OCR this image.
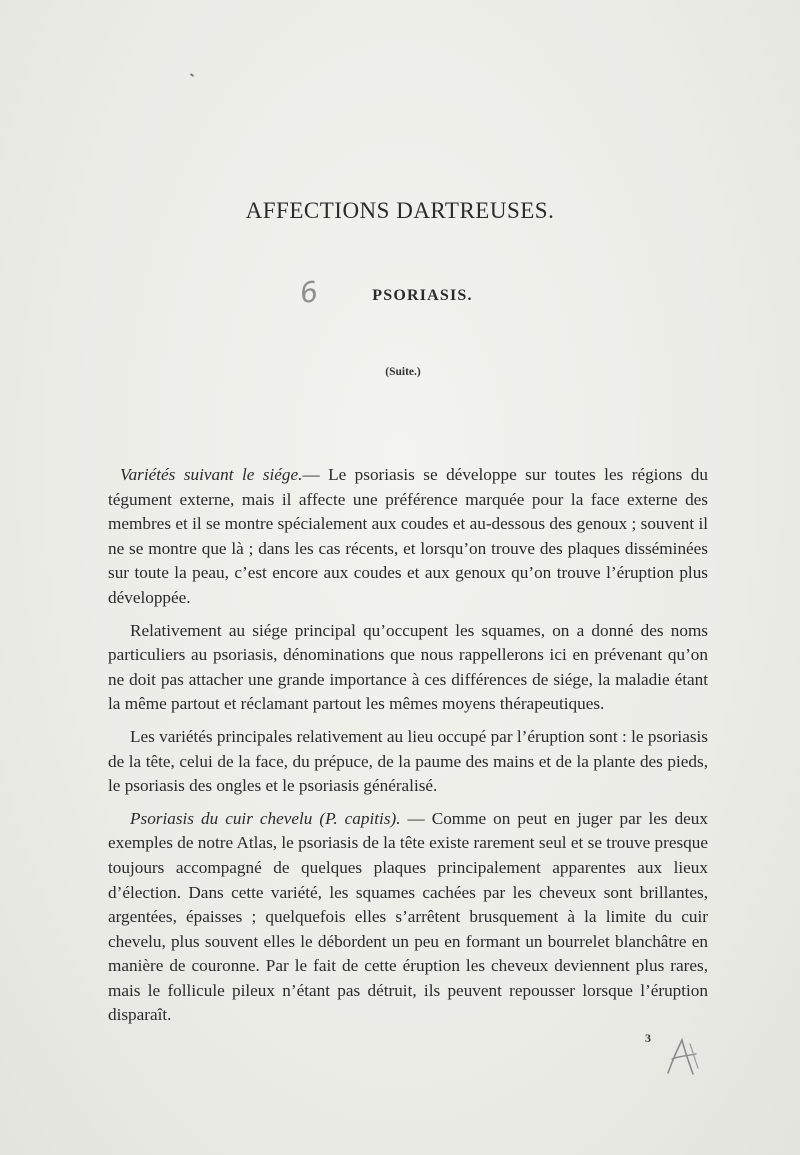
AFFECTIONS DARTREUSES.
6	PSORIASIS.
(Suite.)

Variétés suivant le siége.— Le psoriasis se développe sur toutes les régions du tégument externe, mais il affecte une préférence marquée pour la face externe des membres et il se montre spécialement aux coudes et au-dessous des genoux ; souvent il ne se montre que là ; dans les cas récents, et lorsqu’on trouve des plaques disséminées sur toute la peau, c’est encore aux coudes et aux genoux qu’on trouve l’éruption plus développée.

Relativement au siége principal qu’occupent les squames, on a donné des noms particuliers au psoriasis, dénominations que nous rappellerons ici en prévenant qu’on ne doit pas attacher une grande importance à ces différences de siége, la maladie étant la même partout et réclamant partout les mêmes moyens thérapeutiques.

Les variétés principales relativement au lieu occupé par l’éruption sont : le psoriasis de la tête, celui de la face, du prépuce, de la paume des mains et de la plante des pieds, le psoriasis des ongles et le psoriasis généralisé.

Psoriasis du cuir chevelu (P. capitis). — Comme on peut en juger par les deux exemples de notre Atlas, le psoriasis de la tête existe rarement seul et se trouve presque toujours accompagné de quelques plaques principalement apparentes aux lieux d’élection. Dans cette variété, les squames cachées par les cheveux sont brillantes, argentées, épaisses ; quelquefois elles s’arrêtent brusquement à la limite du cuir chevelu, plus souvent elles le débordent un peu en formant un bourrelet blanchâtre en manière de couronne. Par le fait de cette éruption les cheveux deviennent plus rares, mais le follicule pileux n’étant pas détruit, ils peuvent repousser lorsque l’éruption disparaît.

3
